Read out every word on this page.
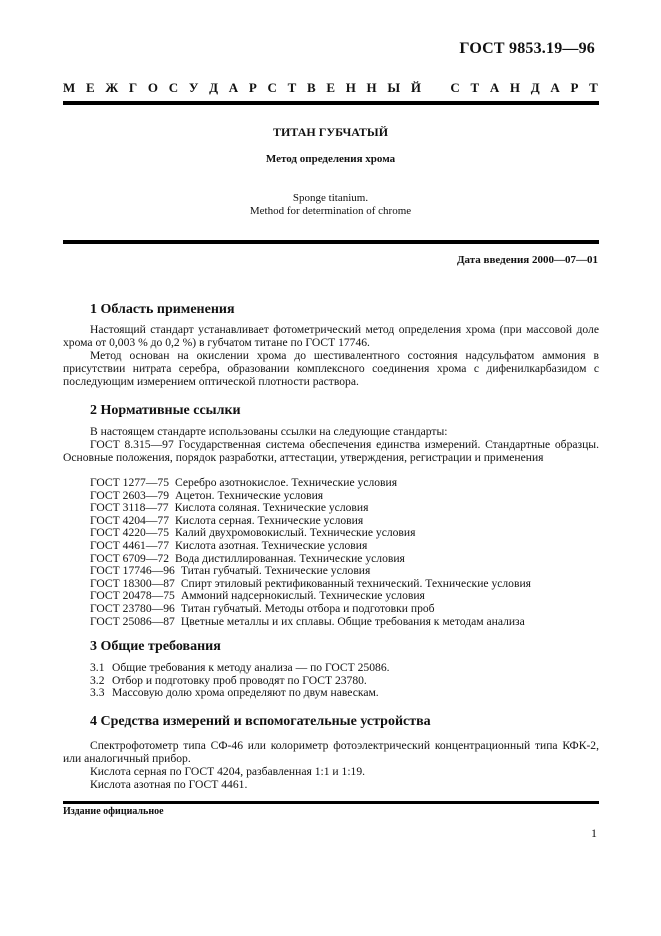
ГОСТ 9853.19—96
М Е Ж Г О С У Д А Р С Т В Е Н Н Ы Й С Т А Н Д А Р Т
ТИТАН ГУБЧАТЫЙ
Метод определения хрома
Sponge titanium.
Method for determination of chrome
Дата введения 2000—07—01
1 Область применения
Настоящий стандарт устанавливает фотометрический метод определения хрома (при массовой доле хрома от 0,003 % до 0,2 %) в губчатом титане по ГОСТ 17746.
Метод основан на окислении хрома до шестивалентного состояния надсульфатом аммония в присутствии нитрата серебра, образовании комплексного соединения хрома с дифенилкарбазидом с последующим измерением оптической плотности раствора.
2 Нормативные ссылки
В настоящем стандарте использованы ссылки на следующие стандарты:
ГОСТ 8.315—97 Государственная система обеспечения единства измерений. Стандартные образцы. Основные положения, порядок разработки, аттестации, утверждения, регистрации и применения
ГОСТ 1277—75 Серебро азотнокислое. Технические условия
ГОСТ 2603—79 Ацетон. Технические условия
ГОСТ 3118—77 Кислота соляная. Технические условия
ГОСТ 4204—77 Кислота серная. Технические условия
ГОСТ 4220—75 Калий двухромовокислый. Технические условия
ГОСТ 4461—77 Кислота азотная. Технические условия
ГОСТ 6709—72 Вода дистиллированная. Технические условия
ГОСТ 17746—96 Титан губчатый. Технические условия
ГОСТ 18300—87 Спирт этиловый ректификованный технический. Технические условия
ГОСТ 20478—75 Аммоний надсернокислый. Технические условия
ГОСТ 23780—96 Титан губчатый. Методы отбора и подготовки проб
ГОСТ 25086—87 Цветные металлы и их сплавы. Общие требования к методам анализа
3 Общие требования
3.1 Общие требования к методу анализа — по ГОСТ 25086.
3.2 Отбор и подготовку проб проводят по ГОСТ 23780.
3.3 Массовую долю хрома определяют по двум навескам.
4 Средства измерений и вспомогательные устройства
Спектрофотометр типа СФ-46 или колориметр фотоэлектрический концентрационный типа КФК-2, или аналогичный прибор.
Кислота серная по ГОСТ 4204, разбавленная 1:1 и 1:19.
Кислота азотная по ГОСТ 4461.
Издание официальное
1
